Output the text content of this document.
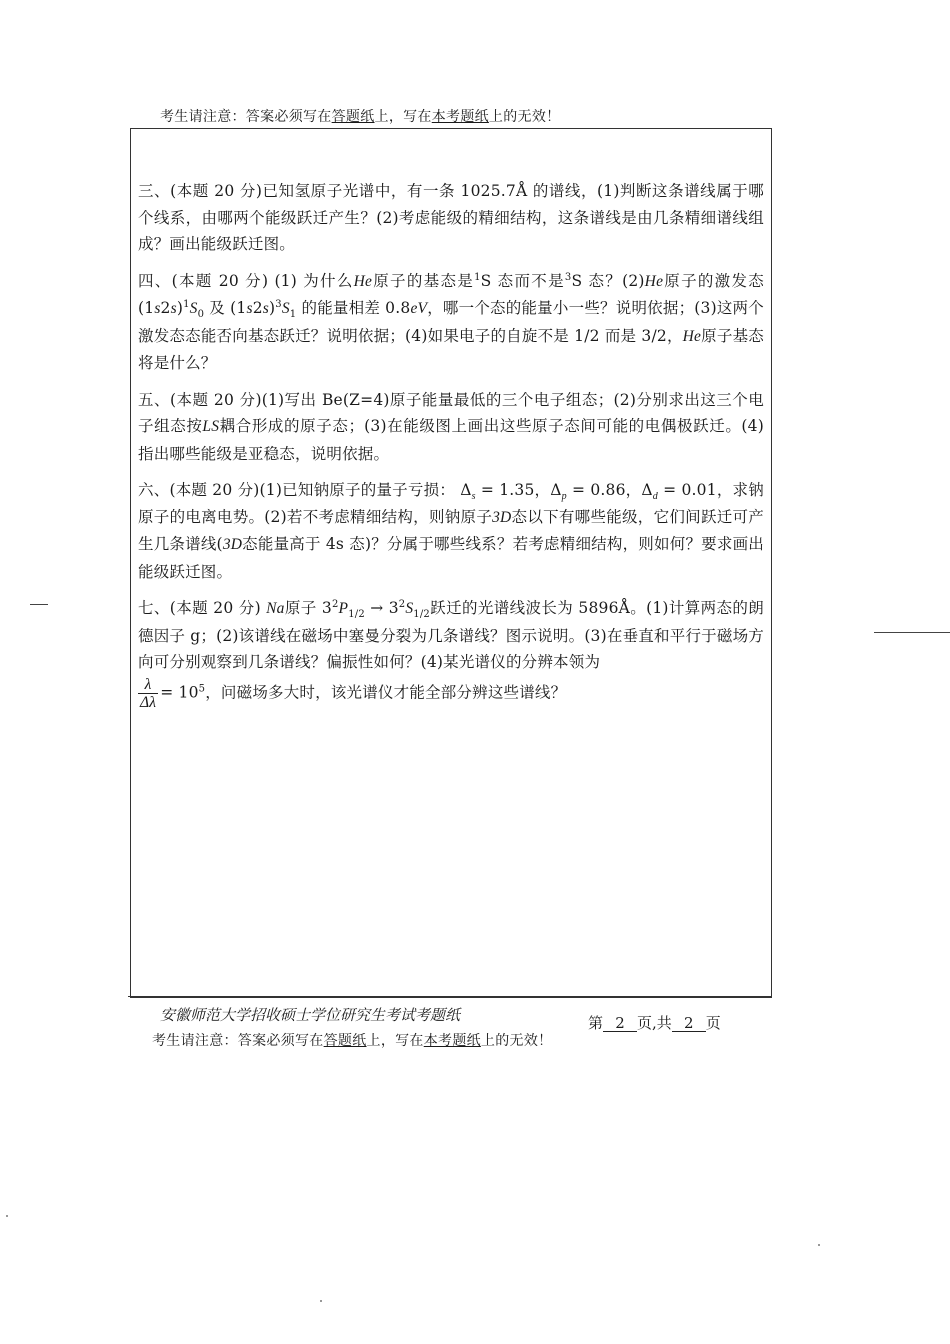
考生请注意：答案必须写在答题纸上，写在本考题纸上的无效！

三、(本题 20 分)已知氢原子光谱中，有一条 1025.7Å 的谱线，(1)判断这条谱线属于哪个线系，由哪两个能级跃迁产生？(2)考虑能级的精细结构，这条谱线是由几条精细谱线组成？画出能级跃迁图。

四、(本题 20 分) (1) 为什么He原子的基态是$^1$S 态而不是$^3$S 态？(2)He原子的激发态$(1s2s)^1S_0$ 及 $(1s2s)^3S_1$ 的能量相差 0.8eV，哪一个态的能量小一些？说明依据；(3)这两个激发态态能否向基态跃迁？说明依据；(4)如果电子的自旋不是 1/2 而是 3/2，He原子基态将是什么？

五、(本题 20 分)(1)写出 Be(Z=4)原子能量最低的三个电子组态；(2)分别求出这三个电子组态按LS耦合形成的原子态；(3)在能级图上画出这些原子态间可能的电偶极跃迁。(4)指出哪些能级是亚稳态，说明依据。

六、(本题 20 分)(1)已知钠原子的量子亏损： $\Delta_s = 1.35$，$\Delta_p = 0.86$，$\Delta_d = 0.01$，求钠原子的电离电势。(2)若不考虑精细结构，则钠原子3D态以下有哪些能级，它们间跃迁可产生几条谱线(3D态能量高于 4s 态)？分属于哪些线系？若考虑精细结构，则如何？要求画出能级跃迁图。

七、(本题 20 分) Na原子 $3^2P_{1/2} \to 3^2S_{1/2}$跃迁的光谱线波长为 5896Å。(1)计算两态的朗德因子 g；(2)该谱线在磁场中塞曼分裂为几条谱线？图示说明。(3)在垂直和平行于磁场方向可分别观察到几条谱线？偏振性如何？(4)某光谱仪的分辨本领为

$\frac{\lambda}{\Delta\lambda} = 10^5$，问磁场多大时，该光谱仪才能全部分辨这些谱线？

安徽师范大学招收硕士学位研究生考试考题纸	第 2 页,共 2 页
考生请注意：答案必须写在答题纸上，写在本考题纸上的无效！
